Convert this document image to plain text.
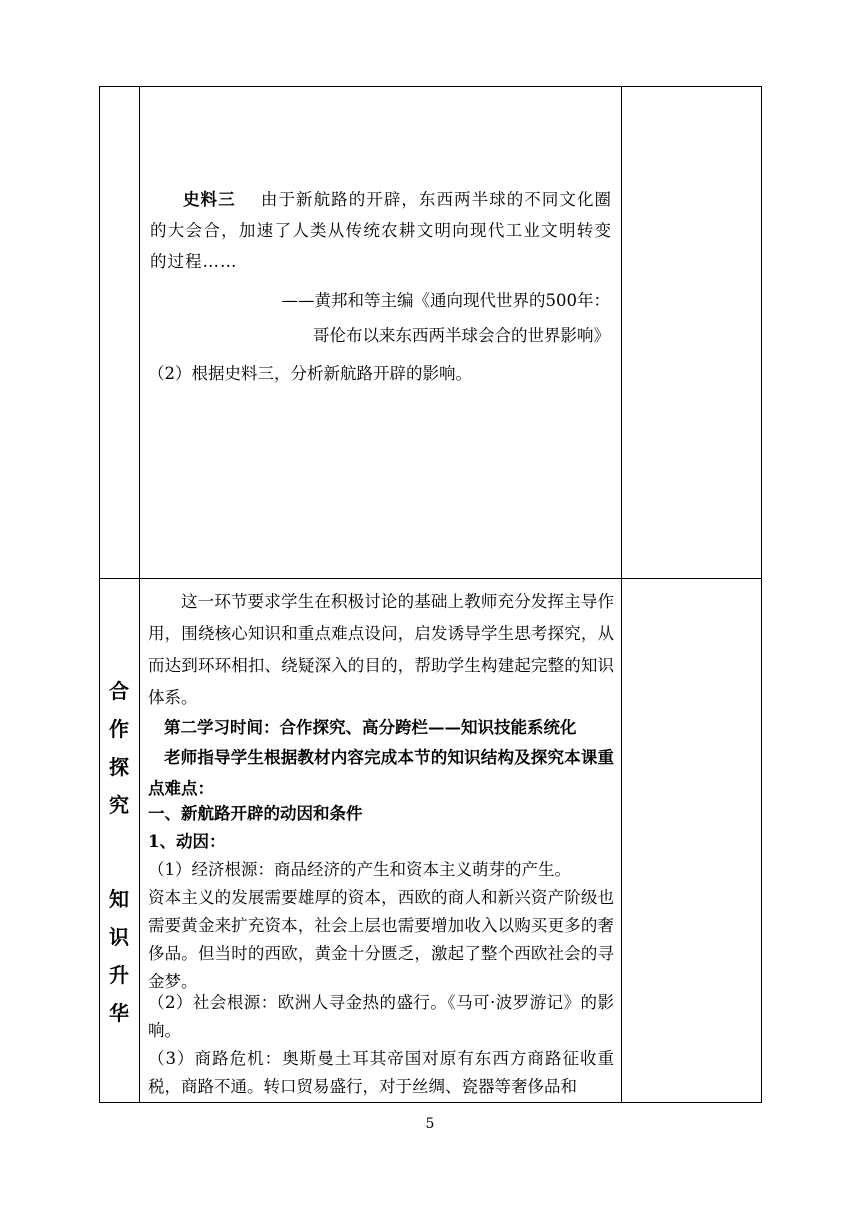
史料三 由于新航路的开辟，东西两半球的不同文化圈的大会合，加速了人类从传统农耕文明向现代工业文明转变的过程……

——黄邦和等主编《通向现代世界的500年：

哥伦布以来东西两半球会合的世界影响》

（2）根据史料三，分析新航路开辟的影响。

合
作
探
究
知
识
升
华

这一环节要求学生在积极讨论的基础上教师充分发挥主导作用，围绕核心知识和重点难点设问，启发诱导学生思考探究，从而达到环环相扣、绕疑深入的目的，帮助学生构建起完整的知识体系。

第二学习时间：合作探究、高分跨栏——知识技能系统化

老师指导学生根据教材内容完成本节的知识结构及探究本课重点难点：

一、新航路开辟的动因和条件

1、动因：

（1）经济根源：商品经济的产生和资本主义萌芽的产生。

资本主义的发展需要雄厚的资本，西欧的商人和新兴资产阶级也需要黄金来扩充资本，社会上层也需要增加收入以购买更多的奢侈品。但当时的西欧，黄金十分匮乏，激起了整个西欧社会的寻金梦。

（2）社会根源：欧洲人寻金热的盛行。《马可·波罗游记》的影响。

（3）商路危机：奥斯曼土耳其帝国对原有东西方商路征收重税，商路不通。转口贸易盛行，对于丝绸、瓷器等奢侈品和

5
